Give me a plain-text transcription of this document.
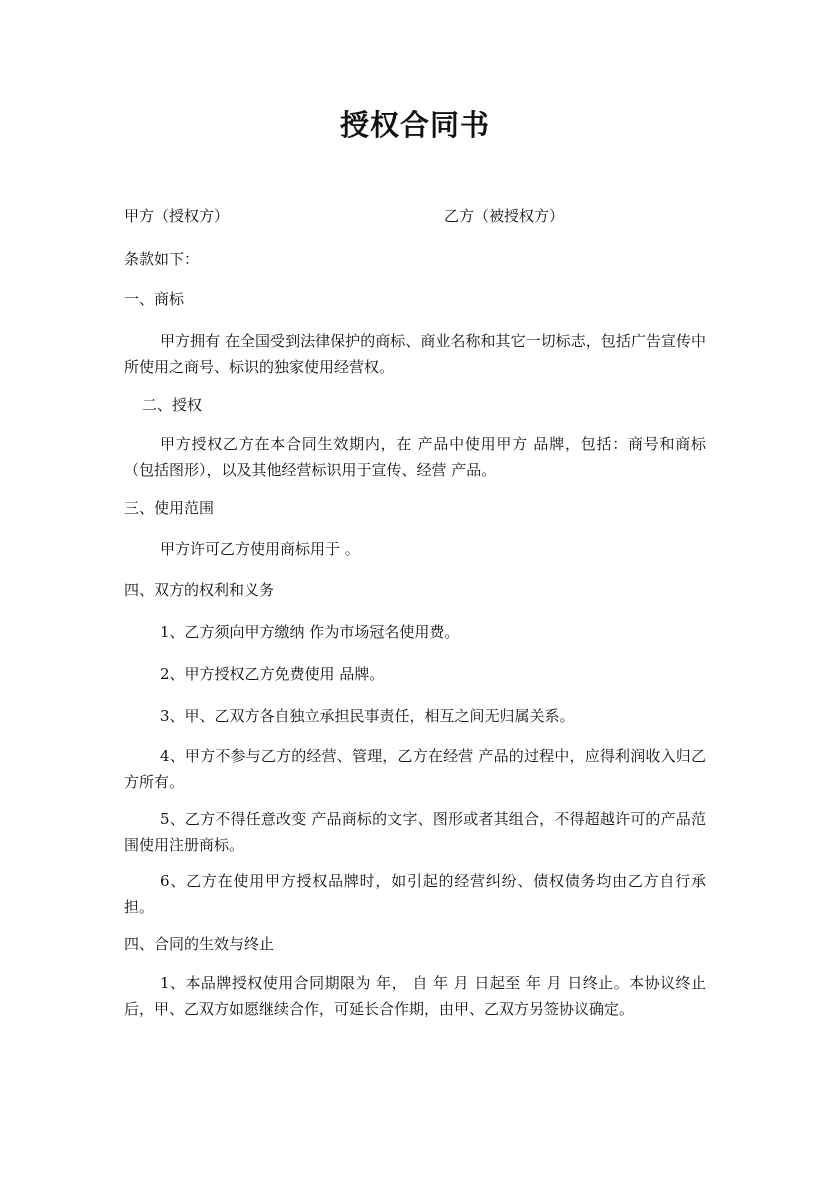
授权合同书
甲方（授权方）	乙方（被授权方）
条款如下：
一、商标
甲方拥有 在全国受到法律保护的商标、商业名称和其它一切标志，包括广告宣传中所使用之商号、标识的独家使用经营权。
二、授权
甲方授权乙方在本合同生效期内，在 产品中使用甲方 品牌，包括：商号和商标（包括图形），以及其他经营标识用于宣传、经营 产品。
三、使用范围
甲方许可乙方使用商标用于 。
四、双方的权利和义务
1、乙方须向甲方缴纳 作为市场冠名使用费。
2、甲方授权乙方免费使用 品牌。
3、甲、乙双方各自独立承担民事责任，相互之间无归属关系。
4、甲方不参与乙方的经营、管理，乙方在经营 产品的过程中，应得利润收入归乙方所有。
5、乙方不得任意改变 产品商标的文字、图形或者其组合，不得超越许可的产品范围使用注册商标。
6、乙方在使用甲方授权品牌时，如引起的经营纠纷、债权债务均由乙方自行承担。
四、合同的生效与终止
1、本品牌授权使用合同期限为 年， 自 年 月 日起至 年 月 日终止。本协议终止后，甲、乙双方如愿继续合作，可延长合作期，由甲、乙双方另签协议确定。
